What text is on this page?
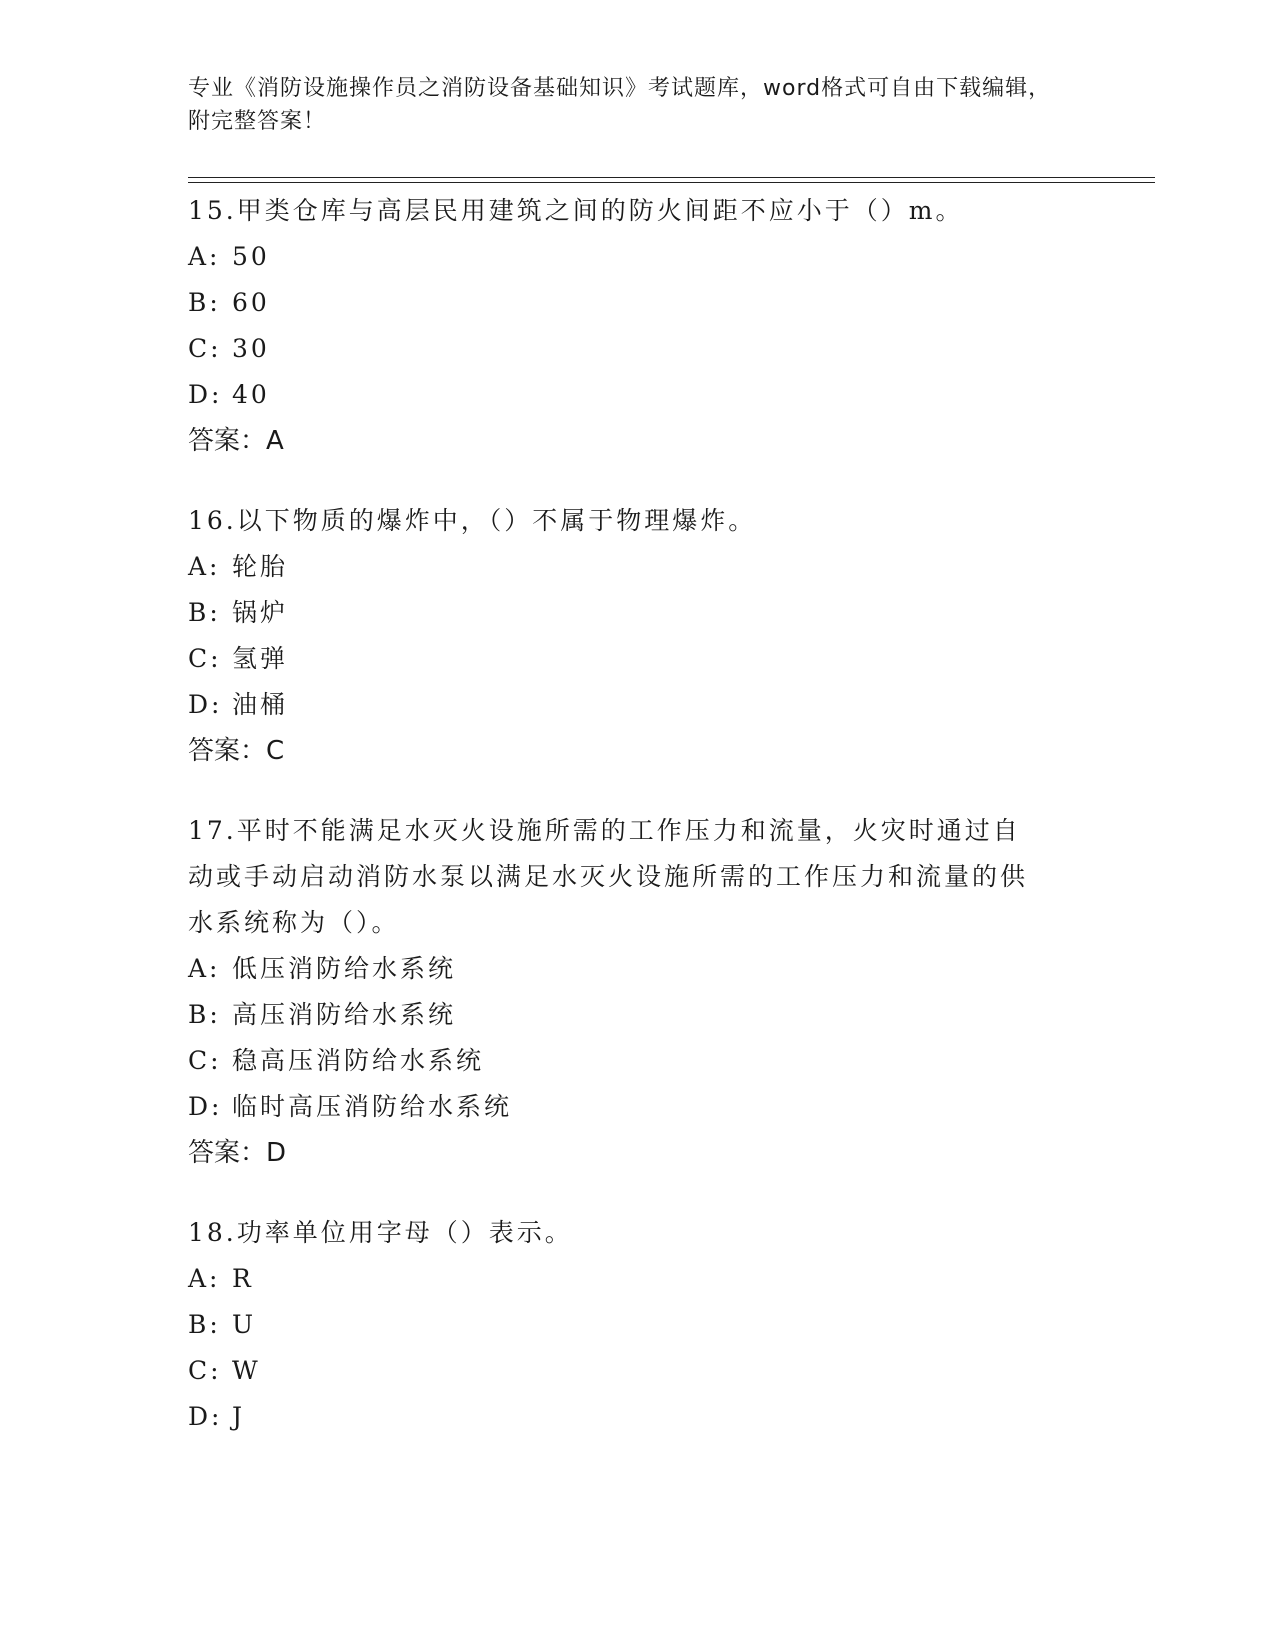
专业《消防设施操作员之消防设备基础知识》考试题库，word格式可自由下载编辑，附完整答案！

15.甲类仓库与高层民用建筑之间的防火间距不应小于（）m。

A: 50

B: 60

C: 30

D: 40

答案：A

16.以下物质的爆炸中，（）不属于物理爆炸。

A: 轮胎

B: 锅炉

C: 氢弹

D: 油桶

答案：C

17.平时不能满足水灭火设施所需的工作压力和流量，火灾时通过自动或手动启动消防水泵以满足水灭火设施所需的工作压力和流量的供水系统称为（）。

A: 低压消防给水系统

B: 高压消防给水系统

C: 稳高压消防给水系统

D: 临时高压消防给水系统

答案：D

18.功率单位用字母（）表示。

A: R

B: U

C: W

D: J
